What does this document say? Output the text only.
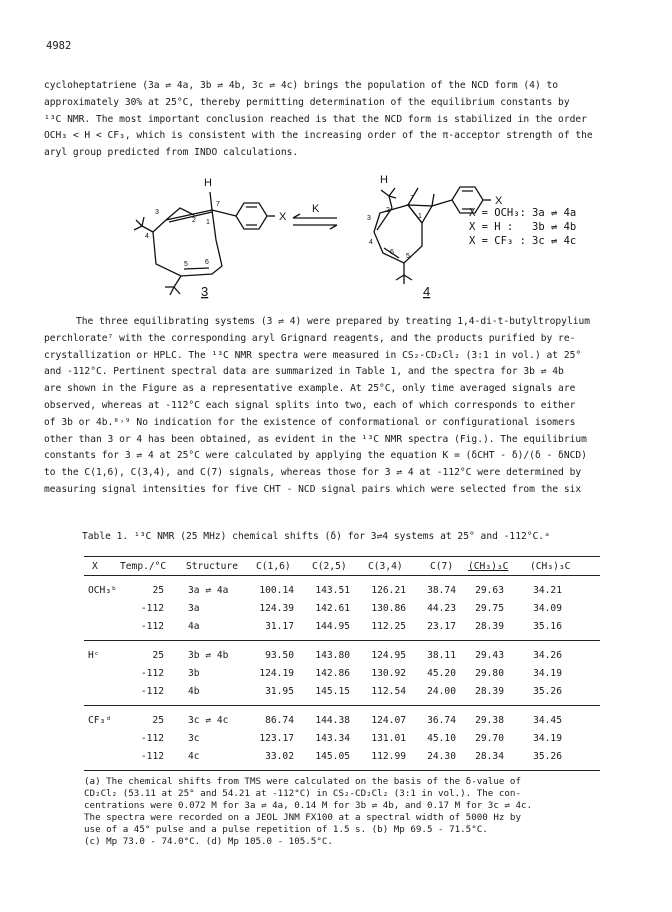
4982

cycloheptatriene (3a ⇌ 4a, 3b ⇌ 4b, 3c ⇌ 4c) brings the population of the NCD form (4) to

approximately 30% at 25°C, thereby permitting determination of the equilibrium constants by

¹³C NMR. The most important conclusion reached is that the NCD form is stabilized in the order

OCH₃ < H < CF₃, which is consistent with the increasing order of the π-acceptor strength of the

aryl group predicted from INDO calculations.

H
X
K
H
X
7
1
2
3
4
5 6
7
1
2
3
4
5
6
X = OCH₃: 3a ⇌ 4a
X = H : 3b ⇌ 4b
X = CF₃ : 3c ⇌ 4c
3	4

The three equilibrating systems (3 ⇌ 4) were prepared by treating 1,4-di-t-butyltropylium

perchlorate⁷ with the corresponding aryl Grignard reagents, and the products purified by re-

crystallization or HPLC. The ¹³C NMR spectra were measured in CS₂-CD₂Cl₂ (3:1 in vol.) at 25°

and -112°C. Pertinent spectral data are summarized in Table 1, and the spectra for 3b ⇌ 4b

are shown in the Figure as a representative example. At 25°C, only time averaged signals are

observed, whereas at -112°C each signal splits into two, each of which corresponds to either

of 3b or 4b.⁸˒⁹ No indication for the existence of conformational or configurational isomers

other than 3 or 4 has been obtained, as evident in the ¹³C NMR spectra (Fig.). The equilibrium

constants for 3 ⇌ 4 at 25°C were calculated by applying the equation K = (δCHT - δ)/(δ - δNCD)

to the C(1,6), C(3,4), and C(7) signals, whereas those for 3 ⇌ 4 at -112°C were determined by

measuring signal intensities for five CHT - NCD signal pairs which were selected from the six

Table 1. ¹³C NMR (25 MHz) chemical shifts (δ) for 3⇌4 systems at 25° and -112°C.ᵃ
X Temp./°C Structure C(1,6) C(2,5) C(3,4)	C(7) (CH₃)₃C (CH₃)₃C
OCH₃ᵇ	25	3a ⇌ 4a	100.14	143.51	126.21	38.74	29.63	34.21
-112	3a	124.39	142.61	130.86	44.23	29.75	34.09
-112	4a	31.17	144.95	112.25	23.17	28.39	35.16
Hᶜ	25	3b ⇌ 4b	93.50	143.80	124.95	38.11	29.43	34.26
-112	3b	124.19	142.86	130.92	45.20	29.80	34.19
-112	4b	31.95	145.15	112.54	24.00	28.39	35.26
CF₃ᵈ	25	3c ⇌ 4c	86.74	144.38	124.07	36.74	29.38	34.45
-112	3c	123.17	143.34	131.01	45.10	29.70	34.19
-112	4c	33.02	145.05	112.99	24.30	28.34	35.26

(a) The chemical shifts from TMS were calculated on the basis of the δ-value of

CD₂Cl₂ (53.11 at 25° and 54.21 at -112°C) in CS₂-CD₂Cl₂ (3:1 in vol.). The con-

centrations were 0.072 M for 3a ⇌ 4a, 0.14 M for 3b ⇌ 4b, and 0.17 M for 3c ⇌ 4c.

The spectra were recorded on a JEOL JNM FX100 at a spectral width of 5000 Hz by

use of a 45° pulse and a pulse repetition of 1.5 s. (b) Mp 69.5 - 71.5°C.

(c) Mp 73.0 - 74.0°C. (d) Mp 105.0 - 105.5°C.
